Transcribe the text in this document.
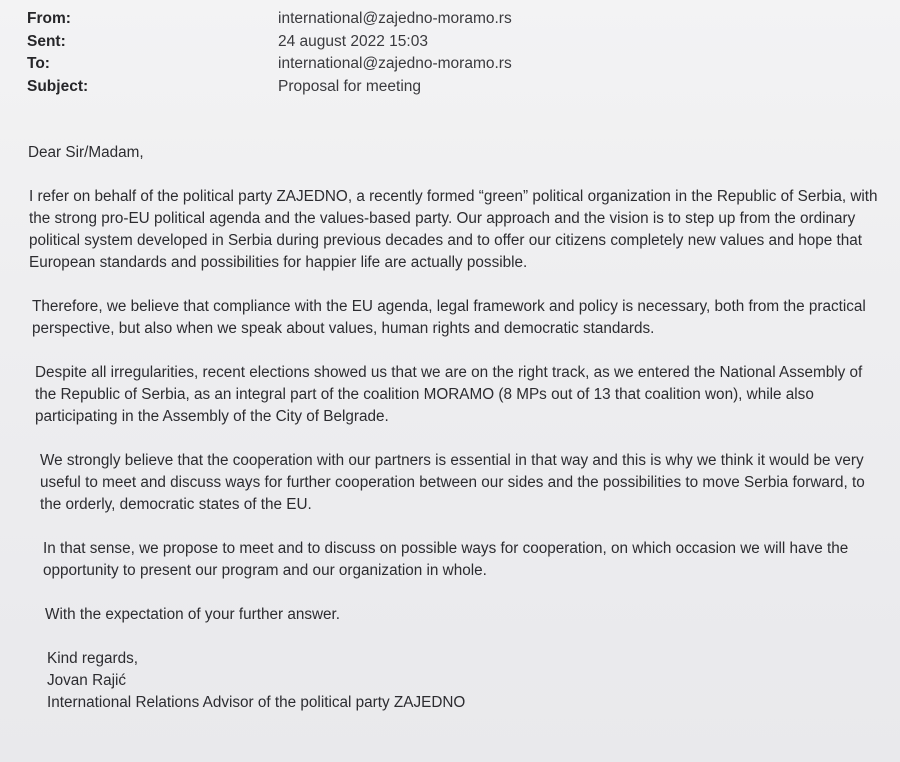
From:	international@zajedno-moramo.rs
Sent:	24 august 2022 15:03
To:	international@zajedno-moramo.rs
Subject:	Proposal for meeting

Dear Sir/Madam,

I refer on behalf of the political party ZAJEDNO, a recently formed “green” political organization in the Republic of Serbia, with the strong pro-EU political agenda and the values-based party. Our approach and the vision is to step up from the ordinary political system developed in Serbia during previous decades and to offer our citizens completely new values and hope that European standards and possibilities for happier life are actually possible.

Therefore, we believe that compliance with the EU agenda, legal framework and policy is necessary, both from the practical perspective, but also when we speak about values, human rights and democratic standards.

Despite all irregularities, recent elections showed us that we are on the right track, as we entered the National Assembly of the Republic of Serbia, as an integral part of the coalition MORAMO (8 MPs out of 13 that coalition won), while also participating in the Assembly of the City of Belgrade.

We strongly believe that the cooperation with our partners is essential in that way and this is why we think it would be very useful to meet and discuss ways for further cooperation between our sides and the possibilities to move Serbia forward, to the orderly, democratic states of the EU.

In that sense, we propose to meet and to discuss on possible ways for cooperation, on which occasion we will have the opportunity to present our program and our organization in whole.

With the expectation of your further answer.

Kind regards,
Jovan Rajić
International Relations Advisor of the political party ZAJEDNO
